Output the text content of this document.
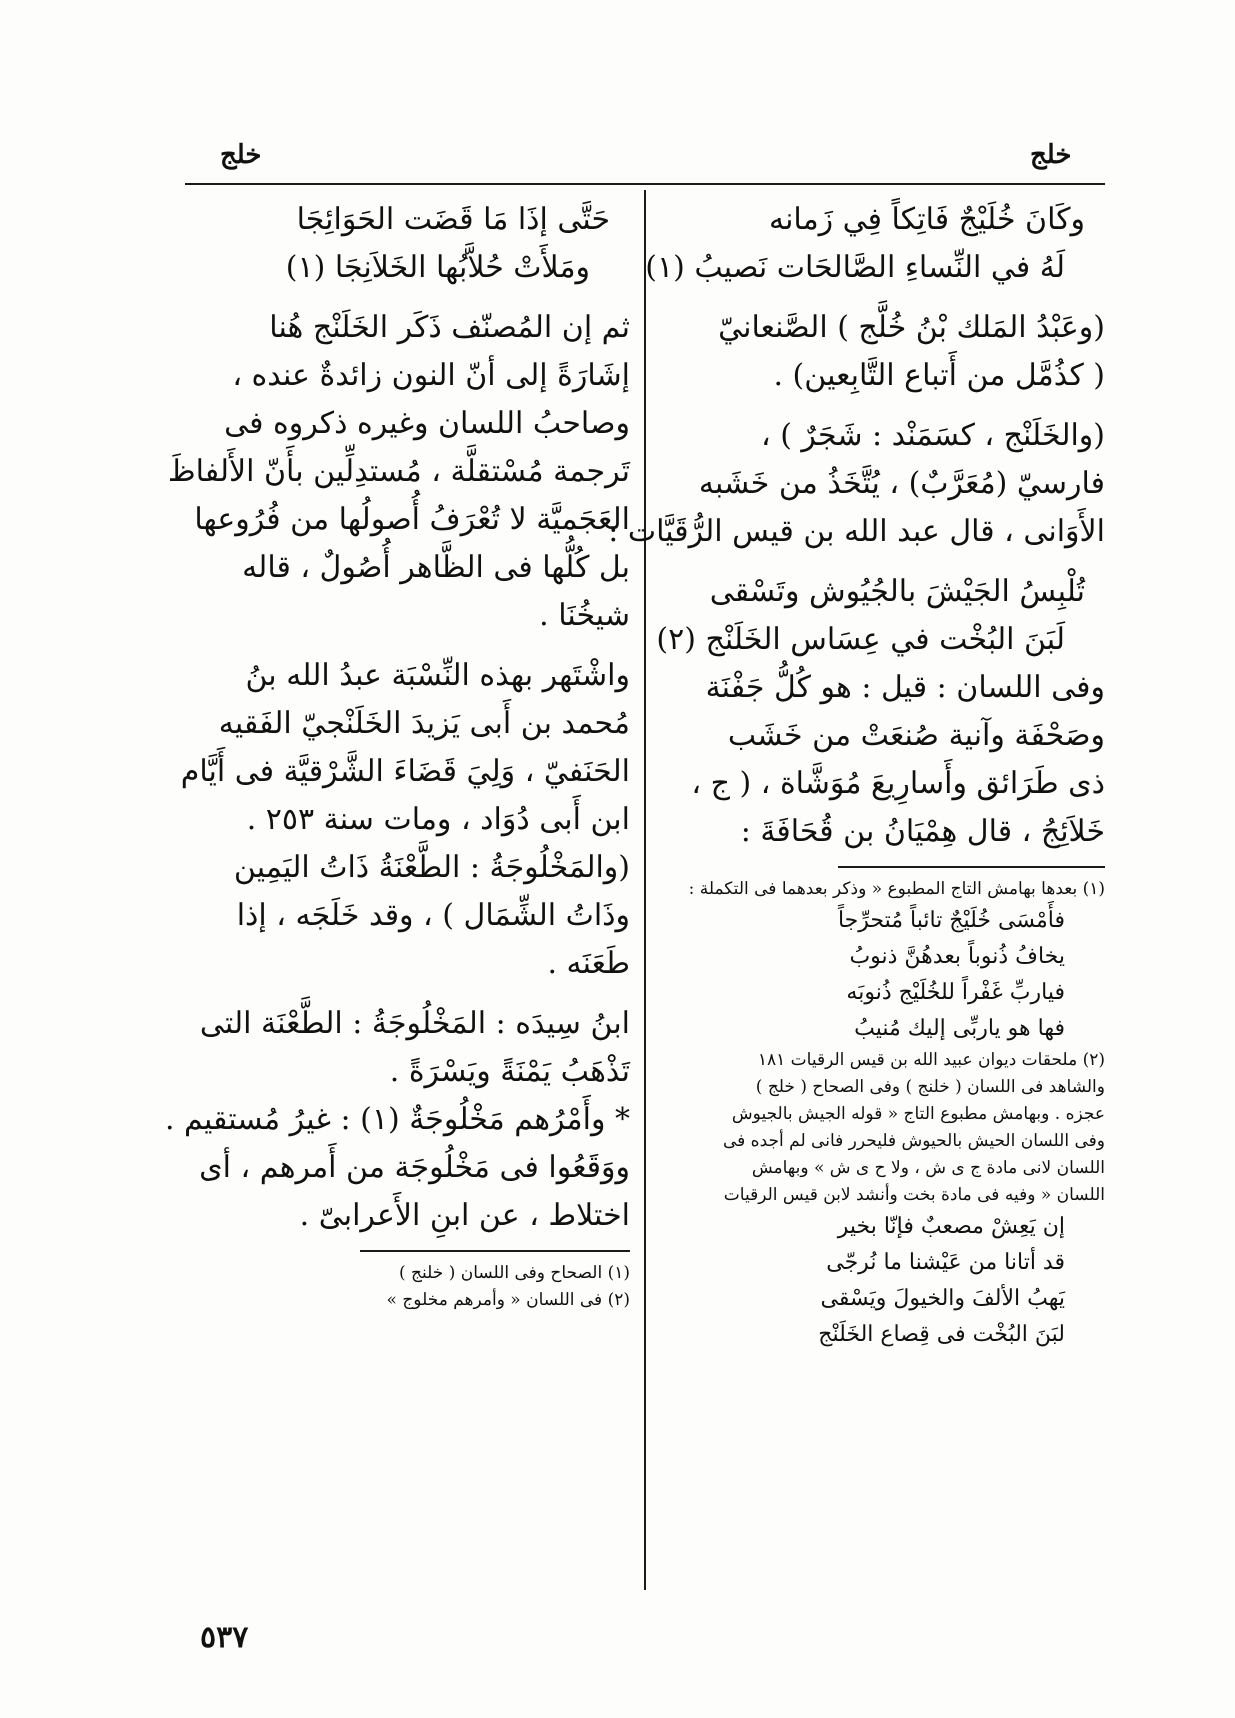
خلج	خلج
وكَانَ خُلَيْجٌ فَاتِكاً فِي زَمانه
لَهُ في النِّساءِ الصَّالحَات نَصيبُ (١)
(وعَبْدُ المَلك بْنُ خُلَّج ) الصَّنعانيّ
( كذُمَّل من أَتباع التَّابِعين) .
(والخَلَنْج ، كسَمَنْد : شَجَرٌ ) ،
فارسيّ (مُعَرَّبٌ) ، يُتَّخَذُ من خَشَبه
الأَوَانى ، قال عبد الله بن قيس الرُّقَيَّات :
تُلْبِسُ الجَيْشَ بالجُيُوش وتَسْقى
لَبَنَ البُخْت في عِسَاس الخَلَنْج (٢)
وفى اللسان : قيل : هو كُلُّ جَفْنَة
وصَحْفَة وآنية صُنعَتْ من خَشَب
ذى طَرَائق وأَسارِيعَ مُوَشَّاة ، ( ج ،
خَلاَئِجُ ، قال هِمْيَانُ بن قُحَافَةَ :
(١) بعدها بهامش التاج المطبوع « وذكر بعدهما فى التكملة :
فأَمْسَى خُلَيْجٌ تائباً مُتحرِّجاً
يخافُ ذُنوباً بعدهُنَّ ذنوبُ
فياربِّ غَفْراً للخُلَيْج ذُنوبَه
فها هو ياربِّى إليك مُنيبُ
(٢) ملحقات ديوان عبيد الله بن قيس الرقيات ١٨١
والشاهد فى اللسان ( خلنج ) وفى الصحاح ( خلج )
عجزه . وبهامش مطبوع التاج « قوله الجيش بالجيوش
وفى اللسان الحيش بالحيوش فليحرر فانى لم أجده فى
اللسان لانى مادة ج ى ش ، ولا ح ى ش » وبهامش
اللسان « وفيه فى مادة بخت وأنشد لابن قيس الرقيات
إن يَعِشْ مصعبٌ فإنّا بخير
قد أتانا من عَيْشنا ما نُرجّى
يَهبُ الألفَ والخيولَ ويَسْقى
لبَنَ البُخْت فى قِصاع الخَلَنْج
حَتَّى إذَا مَا قَضَت الحَوَائِجَا
ومَلأَتْ حُلاَّبُها الخَلاَنِجَا (١)
ثم إن المُصنّف ذَكَر الخَلَنْج هُنا
إشَارَةً إلى أنّ النون زائدةٌ عنده ،
وصاحبُ اللسان وغيره ذكروه فى
تَرجمة مُسْتقلَّة ، مُستدِلِّين بأَنّ الأَلفاظَ
العَجَميَّة لا تُعْرَفُ أُصولُها من فُرُوعها
بل كُلُّها فى الظَّاهر أُصُولٌ ، قاله
شيخُنَا .
واشْتَهر بهذه النِّسْبَة عبدُ الله بنُ
مُحمد بن أَبى يَزيدَ الخَلَنْجيّ الفَقيه
الحَنَفيّ ، وَلِيَ قَضَاءَ الشَّرْقيَّة فى أَيَّام
ابن أَبى دُوَاد ، ومات سنة ٢٥٣ .
(والمَخْلُوجَةُ : الطَّعْنَةُ ذَاتُ اليَمِين
وذَاتُ الشِّمَال ) ، وقد خَلَجَه ، إذا
طَعَنَه .
ابنُ سِيدَه : المَخْلُوجَةُ : الطَّعْنَة التى
تَذْهَبُ يَمْنَةً ويَسْرَةً .
* وأَمْرُهم مَخْلُوجَةٌ (١) : غيرُ مُستقيم .
ووَقَعُوا فى مَخْلُوجَة من أَمرهم ، أى
اختلاط ، عن ابنِ الأَعرابىّ .
(١) الصحاح وفى اللسان ( خلنج )
(٢) فى اللسان « وأمرهم مخلوج »
٥٣٧
